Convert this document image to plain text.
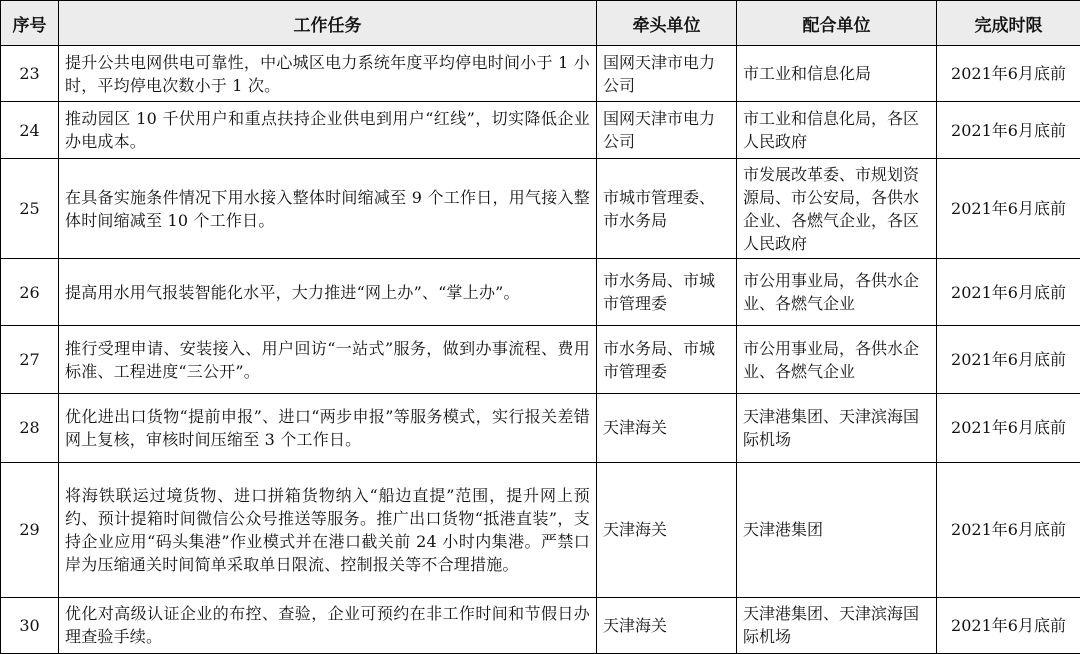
序号	工作任务	牵头单位	配合单位	完成时限
23	提升公共电网供电可靠性，中心城区电力系统年度平均停电时间小于 1 小时，平均停电次数小于 1 次。	国网天津市电力公司	市工业和信息化局	2021年6月底前
24	推动园区 10 千伏用户和重点扶持企业供电到用户“红线”，切实降低企业办电成本。	国网天津市电力公司	市工业和信息化局，各区人民政府	2021年6月底前
25	在具备实施条件情况下用水接入整体时间缩减至 9 个工作日，用气接入整体时间缩减至 10 个工作日。	市城市管理委、市水务局	市发展改革委、市规划资源局、市公安局，各供水企业、各燃气企业，各区人民政府	2021年6月底前
26	提高用水用气报装智能化水平，大力推进“网上办”、“掌上办”。	市水务局、市城市管理委	市公用事业局，各供水企业、各燃气企业	2021年6月底前
27	推行受理申请、安装接入、用户回访“一站式”服务，做到办事流程、费用标准、工程进度“三公开”。	市水务局、市城市管理委	市公用事业局，各供水企业、各燃气企业	2021年6月底前
28	优化进出口货物“提前申报”、进口“两步申报”等服务模式，实行报关差错网上复核，审核时间压缩至 3 个工作日。	天津海关	天津港集团、天津滨海国际机场	2021年6月底前
29	将海铁联运过境货物、进口拼箱货物纳入“船边直提”范围，提升网上预约、预计提箱时间微信公众号推送等服务。推广出口货物“抵港直装”，支持企业应用“码头集港”作业模式并在港口截关前 24 小时内集港。严禁口岸为压缩通关时间简单采取单日限流、控制报关等不合理措施。	天津海关	天津港集团	2021年6月底前
30	优化对高级认证企业的布控、查验，企业可预约在非工作时间和节假日办理查验手续。	天津海关	天津港集团、天津滨海国际机场	2021年6月底前
